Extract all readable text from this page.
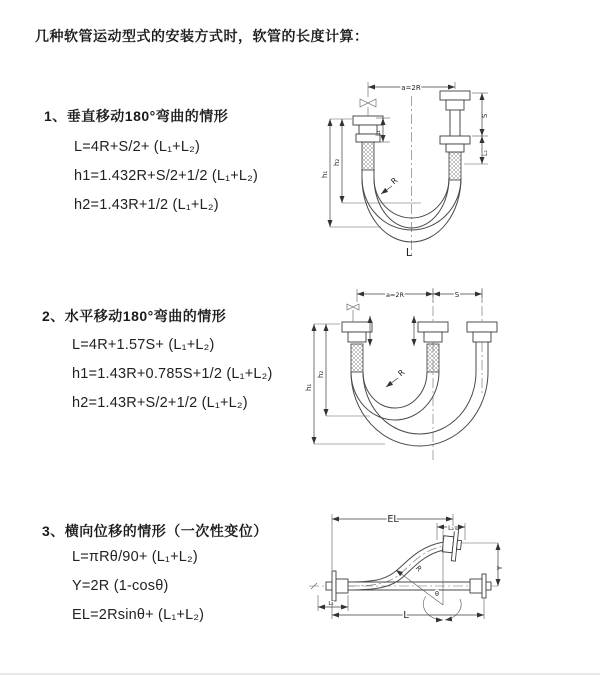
几种软管运动型式的安装方式时，软管的长度计算：
1、垂直移动180°弯曲的情形
L=4R+S/2+ (L₁+L₂)
h1=1.432R+S/2+1/2 (L₁+L₂)
h2=1.43R+1/2 (L₁+L₂)
2、水平移动180°弯曲的情形
L=4R+1.57S+ (L₁+L₂)
h1=1.43R+0.785S+1/2 (L₁+L₂)
h2=1.43R+S/2+1/2 (L₁+L₂)
3、横向位移的情形（一次性变位）
L=πRθ/90+ (L₁+L₂)
Y=2R (1-cosθ)
EL=2Rsinθ+ (L₁+L₂)
a=2R
L₁
S
L₂
h₁
h₂
R
L
a=2R	S
h₁
h₂	R
θ
R
EL
L₂
Y
L₁
L
